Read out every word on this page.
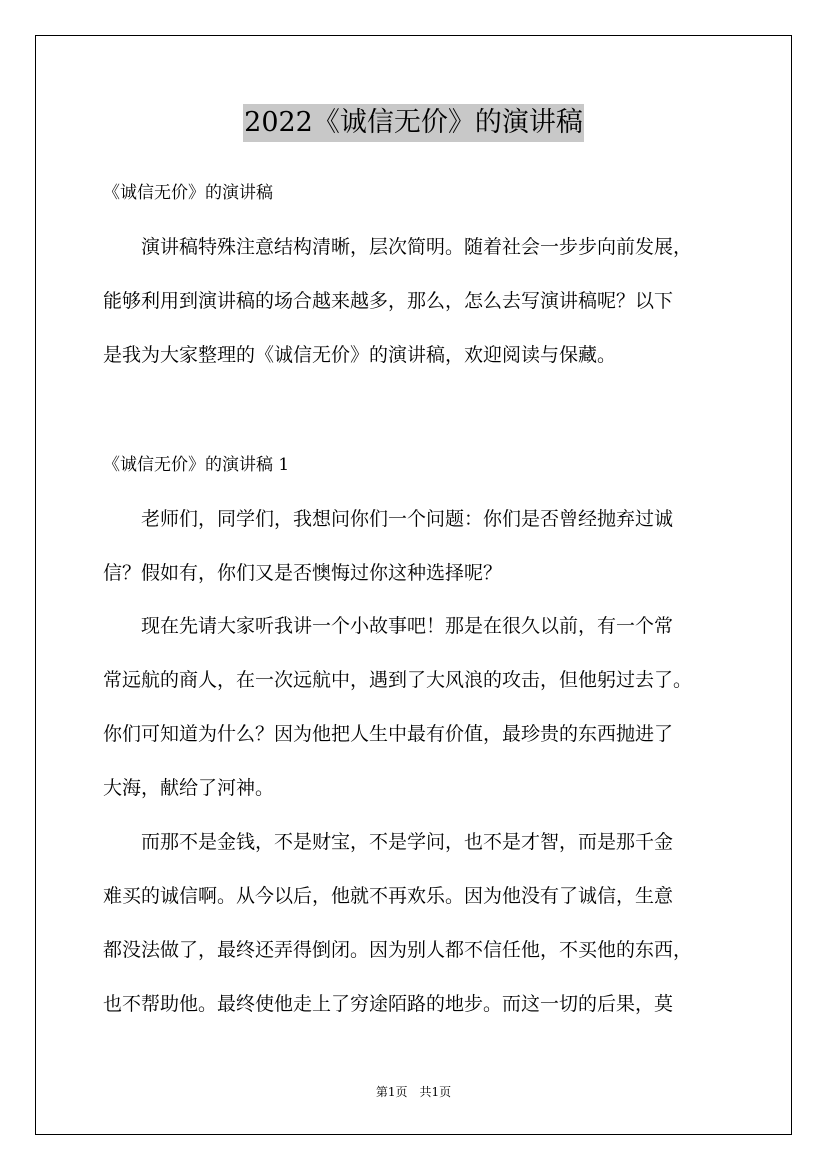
2022《诚信无价》的演讲稿
《诚信无价》的演讲稿
演讲稿特殊注意结构清晰，层次简明。随着社会一步步向前发展，
能够利用到演讲稿的场合越来越多，那么，怎么去写演讲稿呢？以下
是我为大家整理的《诚信无价》的演讲稿，欢迎阅读与保藏。
《诚信无价》的演讲稿 1
老师们，同学们，我想问你们一个问题：你们是否曾经抛弃过诚
信？假如有，你们又是否懊悔过你这种选择呢？
现在先请大家听我讲一个小故事吧！那是在很久以前，有一个常
常远航的商人，在一次远航中，遇到了大风浪的攻击，但他躬过去了。
你们可知道为什么？因为他把人生中最有价值，最珍贵的东西抛进了
大海，献给了河神。
而那不是金钱，不是财宝，不是学问，也不是才智，而是那千金
难买的诚信啊。从今以后，他就不再欢乐。因为他没有了诚信，生意
都没法做了，最终还弄得倒闭。因为别人都不信任他，不买他的东西，
也不帮助他。最终使他走上了穷途陌路的地步。而这一切的后果，莫
第1页　共1页
